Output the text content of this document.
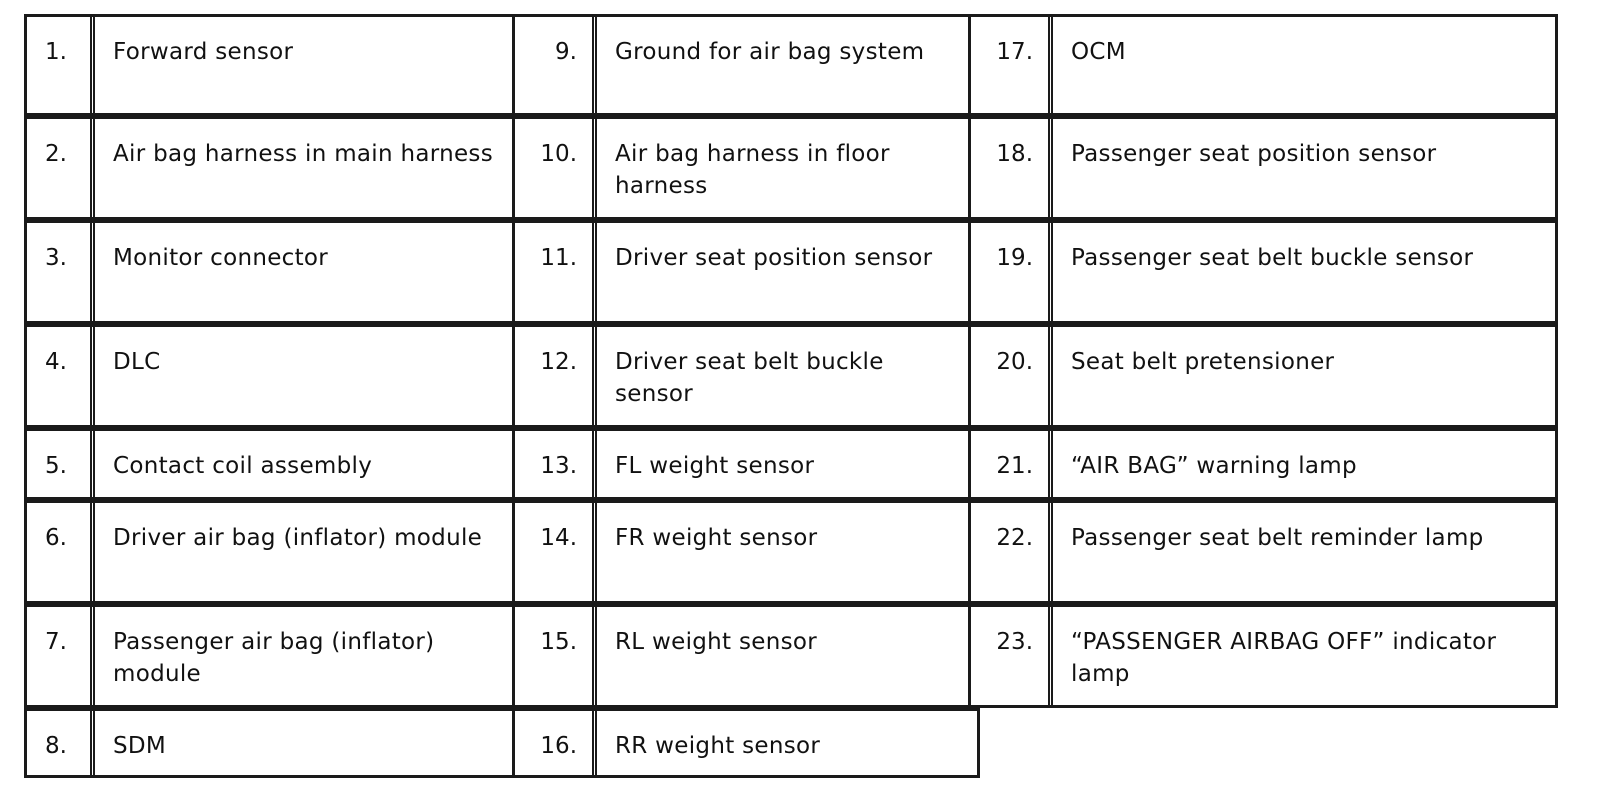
1.	Forward sensor
2.	Air bag harness in main harness
3.	Monitor connector
4.	DLC
5.	Contact coil assembly
6.	Driver air bag (inflator) module
7.	Passenger air bag (inflator) module
8.	SDM
9.	Ground for air bag system
10.	Air bag harness in floor harness
11.	Driver seat position sensor
12.	Driver seat belt buckle sensor
13.	FL weight sensor
14.	FR weight sensor
15.	RL weight sensor
16.	RR weight sensor
17.	OCM
18.	Passenger seat position sensor
19.	Passenger seat belt buckle sensor
20.	Seat belt pretensioner
21.	“AIR BAG” warning lamp
22.	Passenger seat belt reminder lamp
23.	“PASSENGER AIRBAG OFF” indicator lamp
